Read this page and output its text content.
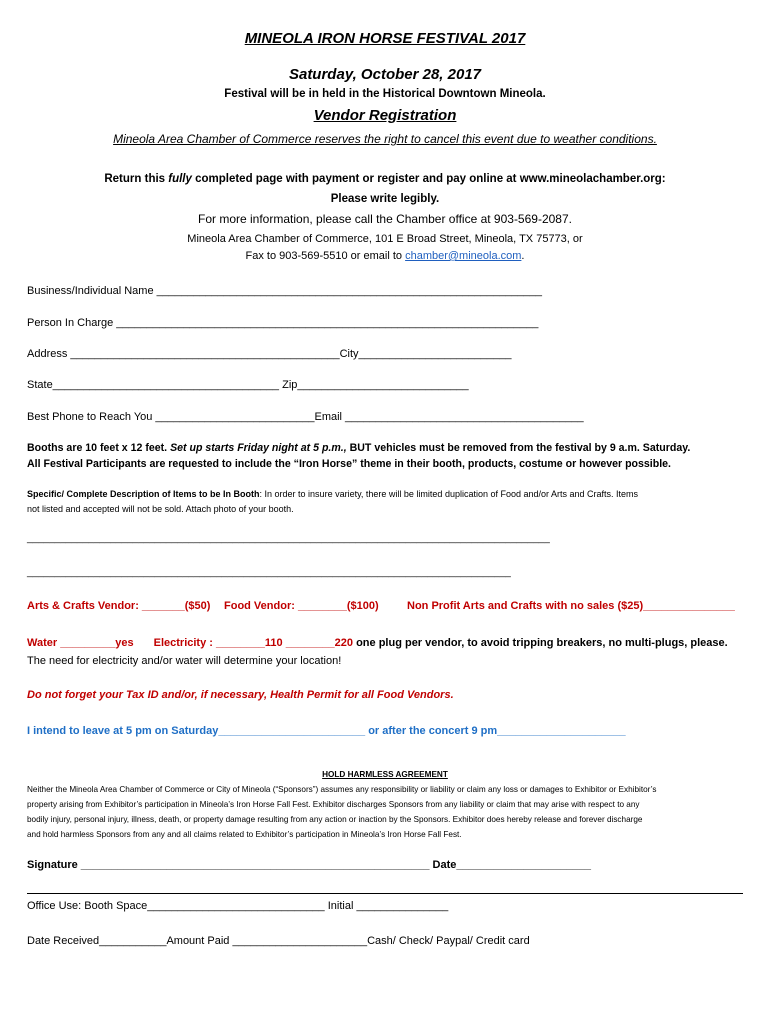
MINEOLA IRON HORSE FESTIVAL 2017
Saturday, October 28, 2017
Festival will be in held in the Historical Downtown Mineola.
Vendor Registration
Mineola Area Chamber of Commerce reserves the right to cancel this event due to weather conditions.
Return this fully completed page with payment or register and pay online at www.mineolachamber.org:
Please write legibly.
For more information, please call the Chamber office at 903-569-2087.
Mineola Area Chamber of Commerce, 101 E Broad Street, Mineola, TX 75773, or
Fax to 903-569-5510 or email to chamber@mineola.com.
Business/Individual Name _______________________________________________________________
Person In Charge _____________________________________________________________________
Address ____________________________________________City_________________________
State_____________________________________ Zip____________________________
Best Phone to Reach You __________________________Email _______________________________________
Booths are 10 feet x 12 feet. Set up starts Friday night at 5 p.m., BUT vehicles must be removed from the festival by 9 a.m. Saturday.
All Festival Participants are requested to include the “Iron Horse” theme in their booth, products, costume or however possible.
Specific/ Complete Description of Items to be In Booth: In order to insure variety, there will be limited duplication of Food and/or Arts and Crafts. Items
not listed and accepted will not be sold. Attach photo of your booth.
______________________________________________________________________________________________
_______________________________________________________________________________________
Arts & Crafts Vendor: _______($50) Food Vendor: ________($100)	Non Profit Arts and Crafts with no sales ($25)_______________
Water _________yes Electricity : ________110 ________220 one plug per vendor, to avoid tripping breakers, no multi-plugs, please.
The need for electricity and/or water will determine your location!
Do not forget your Tax ID and/or, if necessary, Health Permit for all Food Vendors.
I intend to leave at 5 pm on Saturday________________________ or after the concert 9 pm_____________________
HOLD HARMLESS AGREEMENT
Neither the Mineola Area Chamber of Commerce or City of Mineola (“Sponsors”) assumes any responsibility or liability or claim any loss or damages to Exhibitor or Exhibitor’s
property arising from Exhibitor’s participation in Mineola’s Iron Horse Fall Fest. Exhibitor discharges Sponsors from any liability or claim that may arise with respect to any
bodily injury, personal injury, illness, death, or property damage resulting from any action or inaction by the Sponsors. Exhibitor does hereby release and forever discharge
and hold harmless Sponsors from any and all claims related to Exhibitor’s participation in Mineola’s Iron Horse Fall Fest.
Signature _________________________________________________________ Date______________________
Office Use: Booth Space_____________________________ Initial _______________
Date Received___________Amount Paid ______________________Cash/ Check/ Paypal/ Credit card
